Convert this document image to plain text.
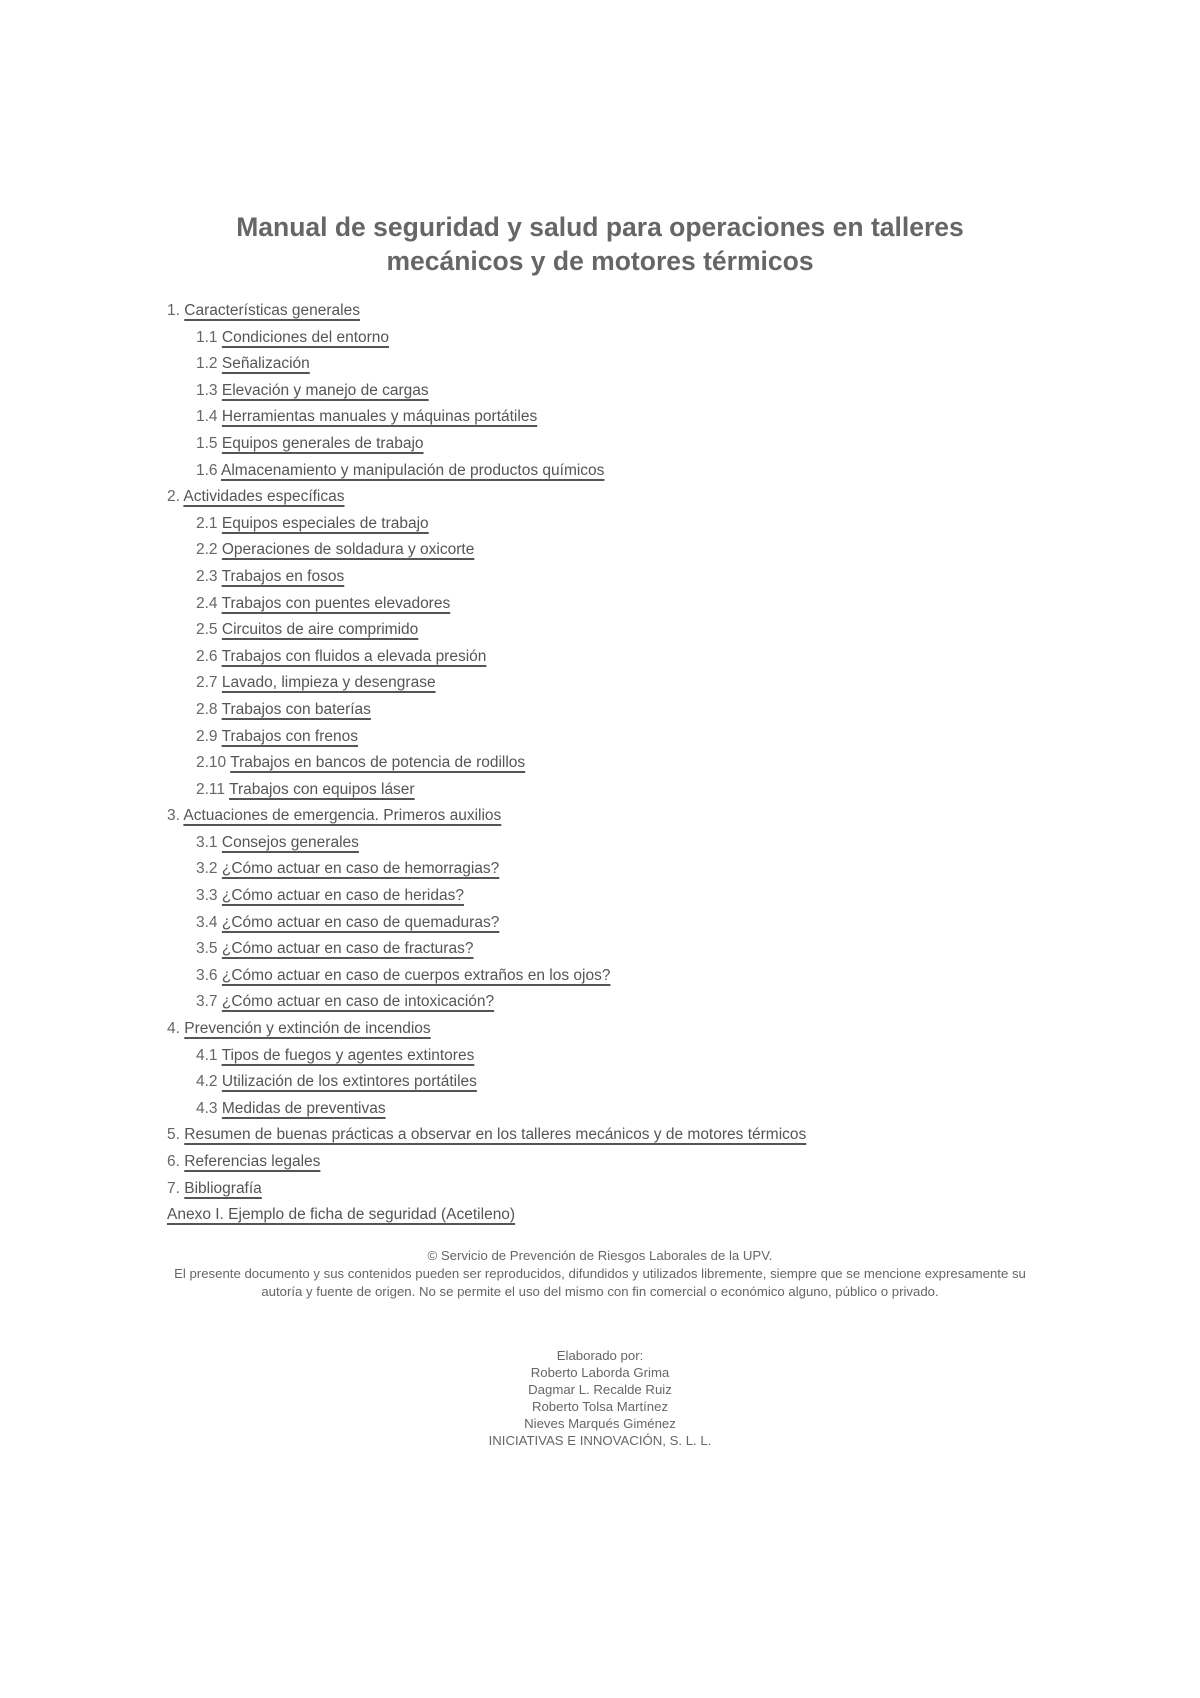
Manual de seguridad y salud para operaciones en talleres
mecánicos y de motores térmicos
1. Características generales
1.1 Condiciones del entorno
1.2 Señalización
1.3 Elevación y manejo de cargas
1.4 Herramientas manuales y máquinas portátiles
1.5 Equipos generales de trabajo
1.6 Almacenamiento y manipulación de productos químicos
2. Actividades específicas
2.1 Equipos especiales de trabajo
2.2 Operaciones de soldadura y oxicorte
2.3 Trabajos en fosos
2.4 Trabajos con puentes elevadores
2.5 Circuitos de aire comprimido
2.6 Trabajos con fluidos a elevada presión
2.7 Lavado, limpieza y desengrase
2.8 Trabajos con baterías
2.9 Trabajos con frenos
2.10 Trabajos en bancos de potencia de rodillos
2.11 Trabajos con equipos láser
3. Actuaciones de emergencia. Primeros auxilios
3.1 Consejos generales
3.2 ¿Cómo actuar en caso de hemorragias?
3.3 ¿Cómo actuar en caso de heridas?
3.4 ¿Cómo actuar en caso de quemaduras?
3.5 ¿Cómo actuar en caso de fracturas?
3.6 ¿Cómo actuar en caso de cuerpos extraños en los ojos?
3.7 ¿Cómo actuar en caso de intoxicación?
4. Prevención y extinción de incendios
4.1 Tipos de fuegos y agentes extintores
4.2 Utilización de los extintores portátiles
4.3 Medidas de preventivas
5. Resumen de buenas prácticas a observar en los talleres mecánicos y de motores térmicos
6. Referencias legales
7. Bibliografía
Anexo I. Ejemplo de ficha de seguridad (Acetileno)

© Servicio de Prevención de Riesgos Laborales de la UPV.

El presente documento y sus contenidos pueden ser reproducidos, difundidos y utilizados libremente, siempre que se mencione expresamente su autoría y fuente de origen. No se permite el uso del mismo con fin comercial o económico alguno, público o privado.

Elaborado por:
Roberto Laborda Grima
Dagmar L. Recalde Ruiz
Roberto Tolsa Martínez
Nieves Marqués Giménez
INICIATIVAS E INNOVACIÓN, S. L. L.
